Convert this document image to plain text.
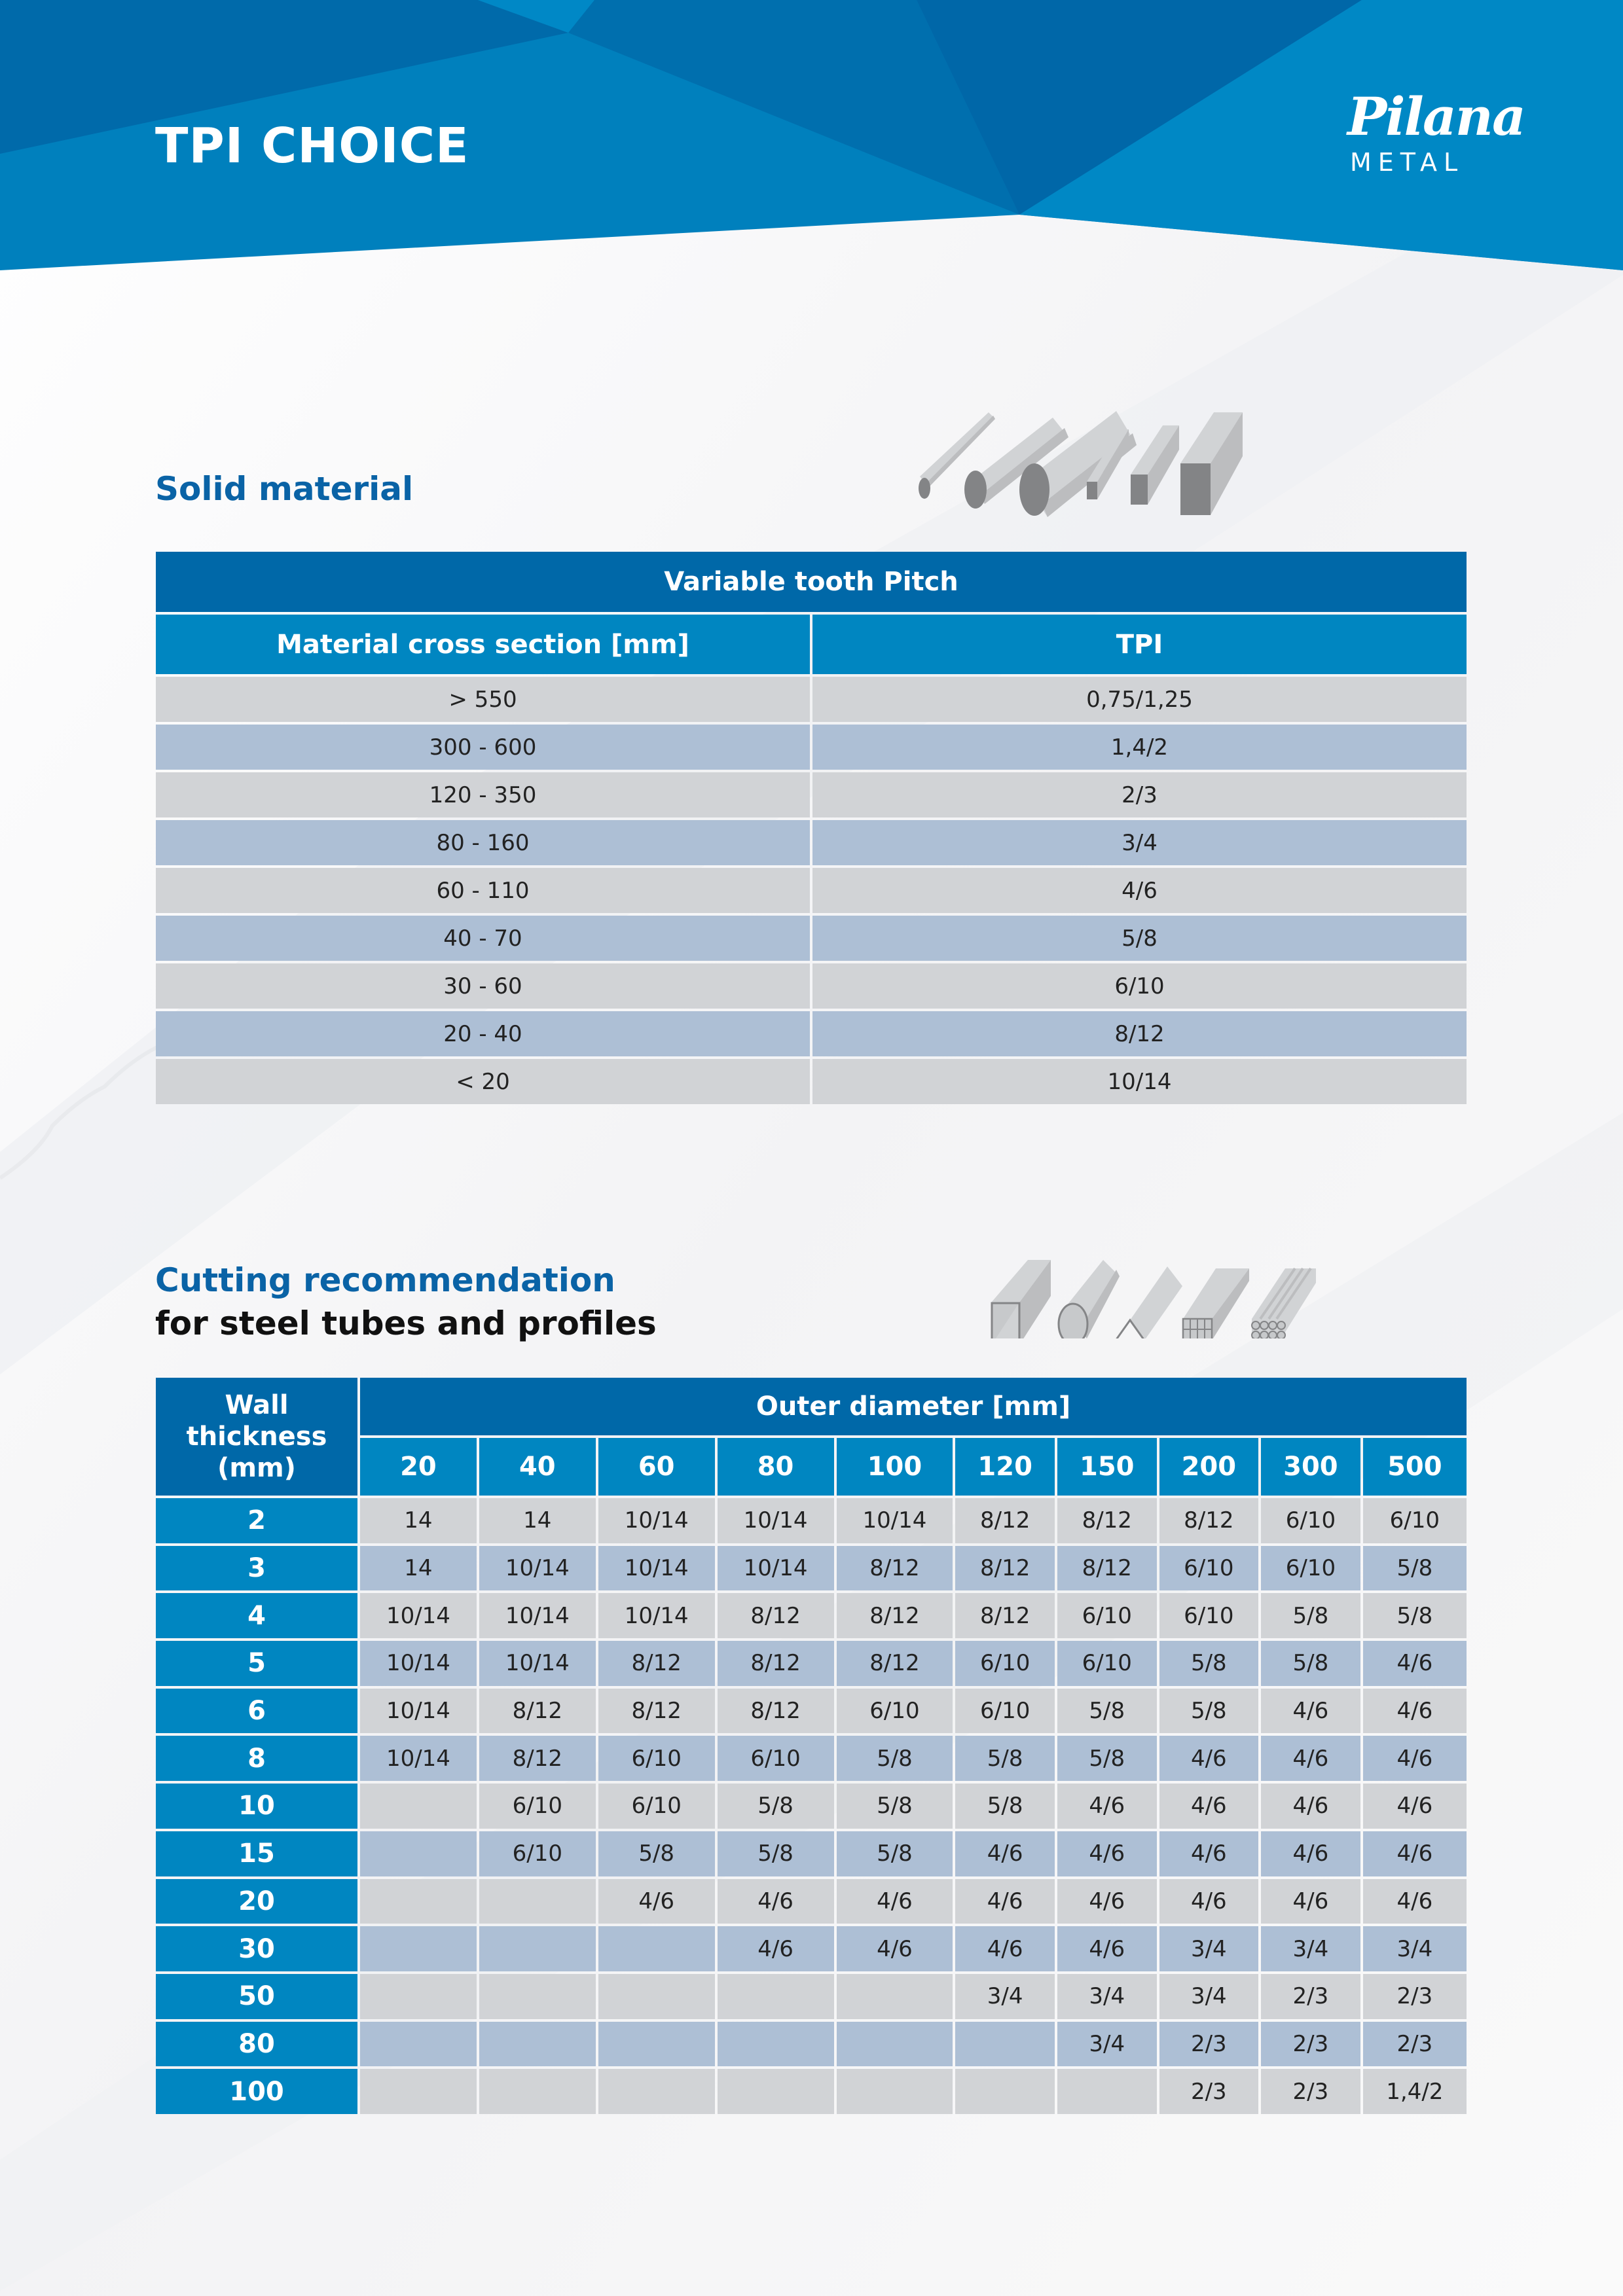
TPI CHOICE	Pilana
METAL
Solid material
Variable tooth Pitch	
Material cross section [mm]	TPI
> 550	0,75/1,25
300 - 600	1,4/2
120 - 350	2/3
80 - 160	3/4
60 - 110	4/6
40 - 70	5/8
30 - 60	6/10
20 - 40	8/12
< 20	10/14
Cutting recommendation
for steel tubes and profiles
Wall thickness (mm)	Outer diameter [mm]									
	20	40	60	80	100	120	150	200	300	500
2	14	14	10/14	10/14	10/14	8/12	8/12	8/12	6/10	6/10
3	14	10/14	10/14	10/14	8/12	8/12	8/12	6/10	6/10	5/8
4	10/14	10/14	10/14	8/12	8/12	8/12	6/10	6/10	5/8	5/8
5	10/14	10/14	8/12	8/12	8/12	6/10	6/10	5/8	5/8	4/6
6	10/14	8/12	8/12	8/12	6/10	6/10	5/8	5/8	4/6	4/6
8	10/14	8/12	6/10	6/10	5/8	5/8	5/8	4/6	4/6	4/6
10		6/10	6/10	5/8	5/8	5/8	4/6	4/6	4/6	4/6
15		6/10	5/8	5/8	5/8	4/6	4/6	4/6	4/6	4/6
20			4/6	4/6	4/6	4/6	4/6	4/6	4/6	4/6
30				4/6	4/6	4/6	4/6	3/4	3/4	3/4
50						3/4	3/4	3/4	2/3	2/3
80							3/4	2/3	2/3	2/3
100								2/3	2/3	1,4/2
